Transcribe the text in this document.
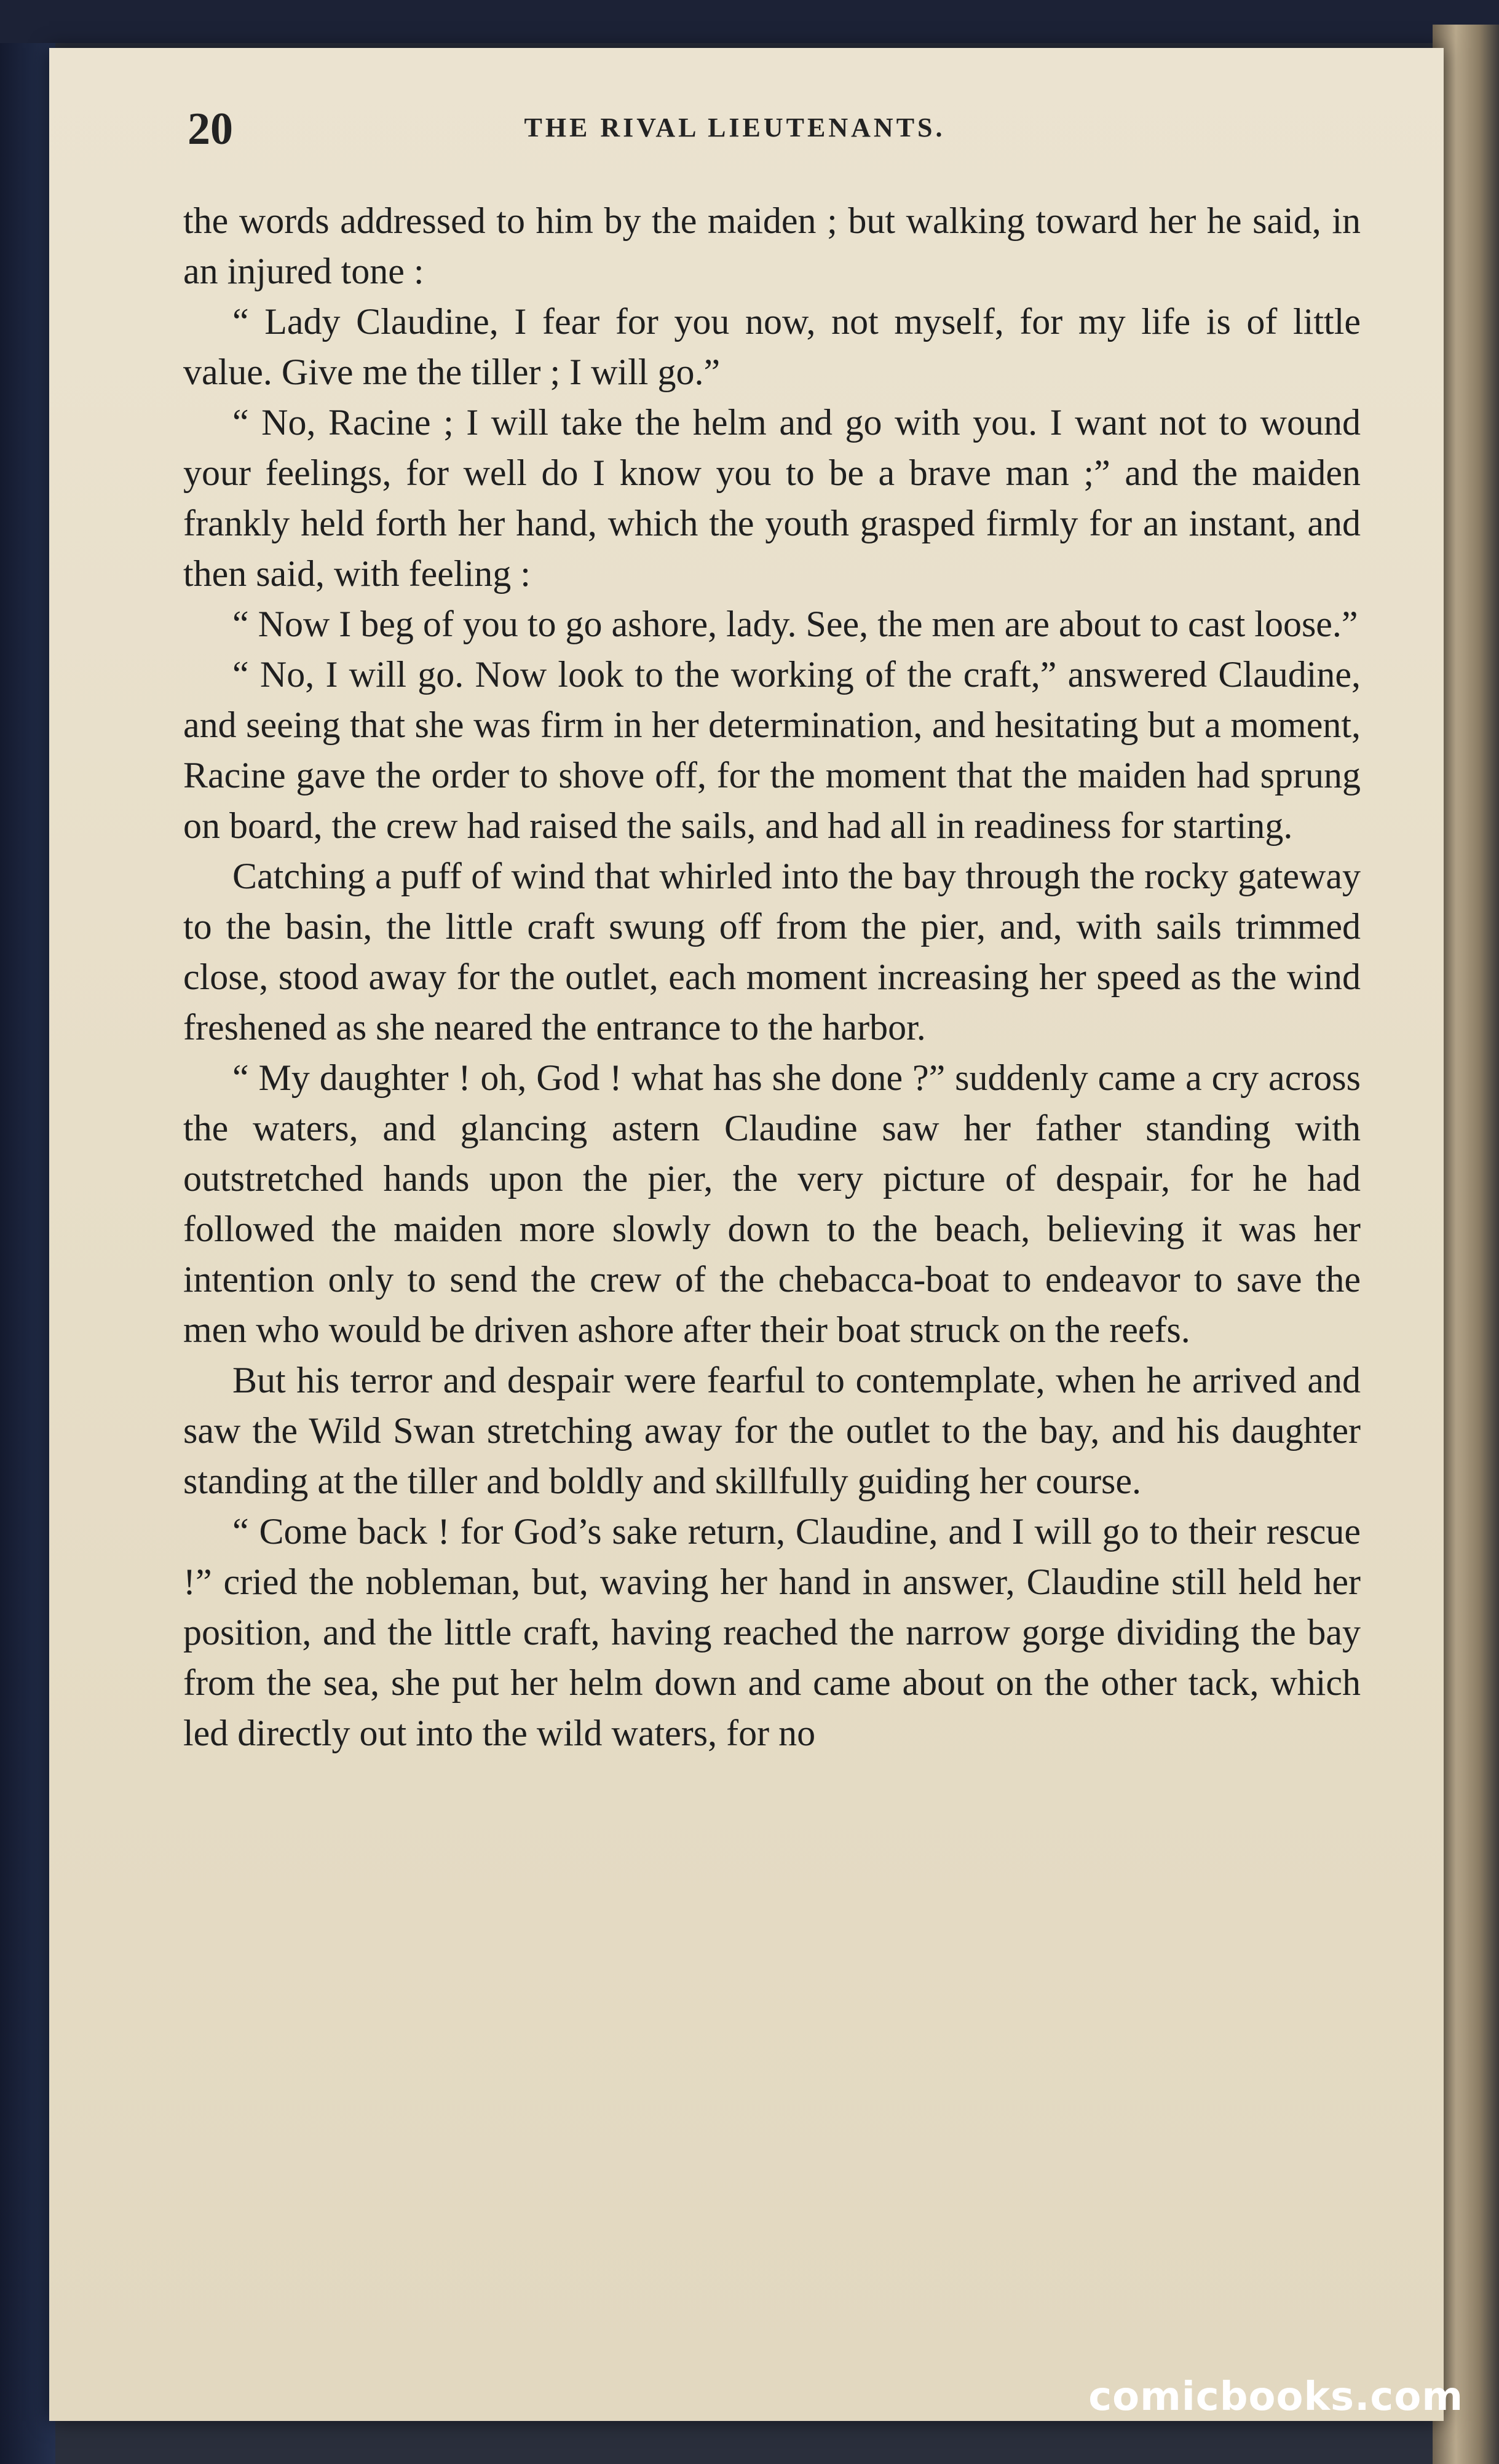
20	THE RIVAL LIEUTENANTS.

the words addressed to him by the maiden ; but walking toward her he said, in an injured tone :

“ Lady Claudine, I fear for you now, not myself, for my life is of little value. Give me the tiller ; I will go.”

“ No, Racine ; I will take the helm and go with you. I want not to wound your feelings, for well do I know you to be a brave man ;” and the maiden frankly held forth her hand, which the youth grasped firmly for an instant, and then said, with feeling :

“ Now I beg of you to go ashore, lady. See, the men are about to cast loose.”

“ No, I will go. Now look to the working of the craft,” answered Claudine, and seeing that she was firm in her determination, and hesitating but a moment, Racine gave the order to shove off, for the moment that the maiden had sprung on board, the crew had raised the sails, and had all in readiness for starting.

Catching a puff of wind that whirled into the bay through the rocky gateway to the basin, the little craft swung off from the pier, and, with sails trimmed close, stood away for the outlet, each moment increasing her speed as the wind freshened as she neared the entrance to the harbor.

“ My daughter ! oh, God ! what has she done ?” suddenly came a cry across the waters, and glancing astern Claudine saw her father standing with outstretched hands upon the pier, the very picture of despair, for he had followed the maiden more slowly down to the beach, believing it was her intention only to send the crew of the chebacca-boat to endeavor to save the men who would be driven ashore after their boat struck on the reefs.

But his terror and despair were fearful to contemplate, when he arrived and saw the Wild Swan stretching away for the outlet to the bay, and his daughter standing at the tiller and boldly and skillfully guiding her course.

“ Come back ! for God’s sake return, Claudine, and I will go to their rescue !” cried the nobleman, but, waving her hand in answer, Claudine still held her position, and the little craft, having reached the narrow gorge dividing the bay from the sea, she put her helm down and came about on the other tack, which led directly out into the wild waters, for no

comicbooks.com
